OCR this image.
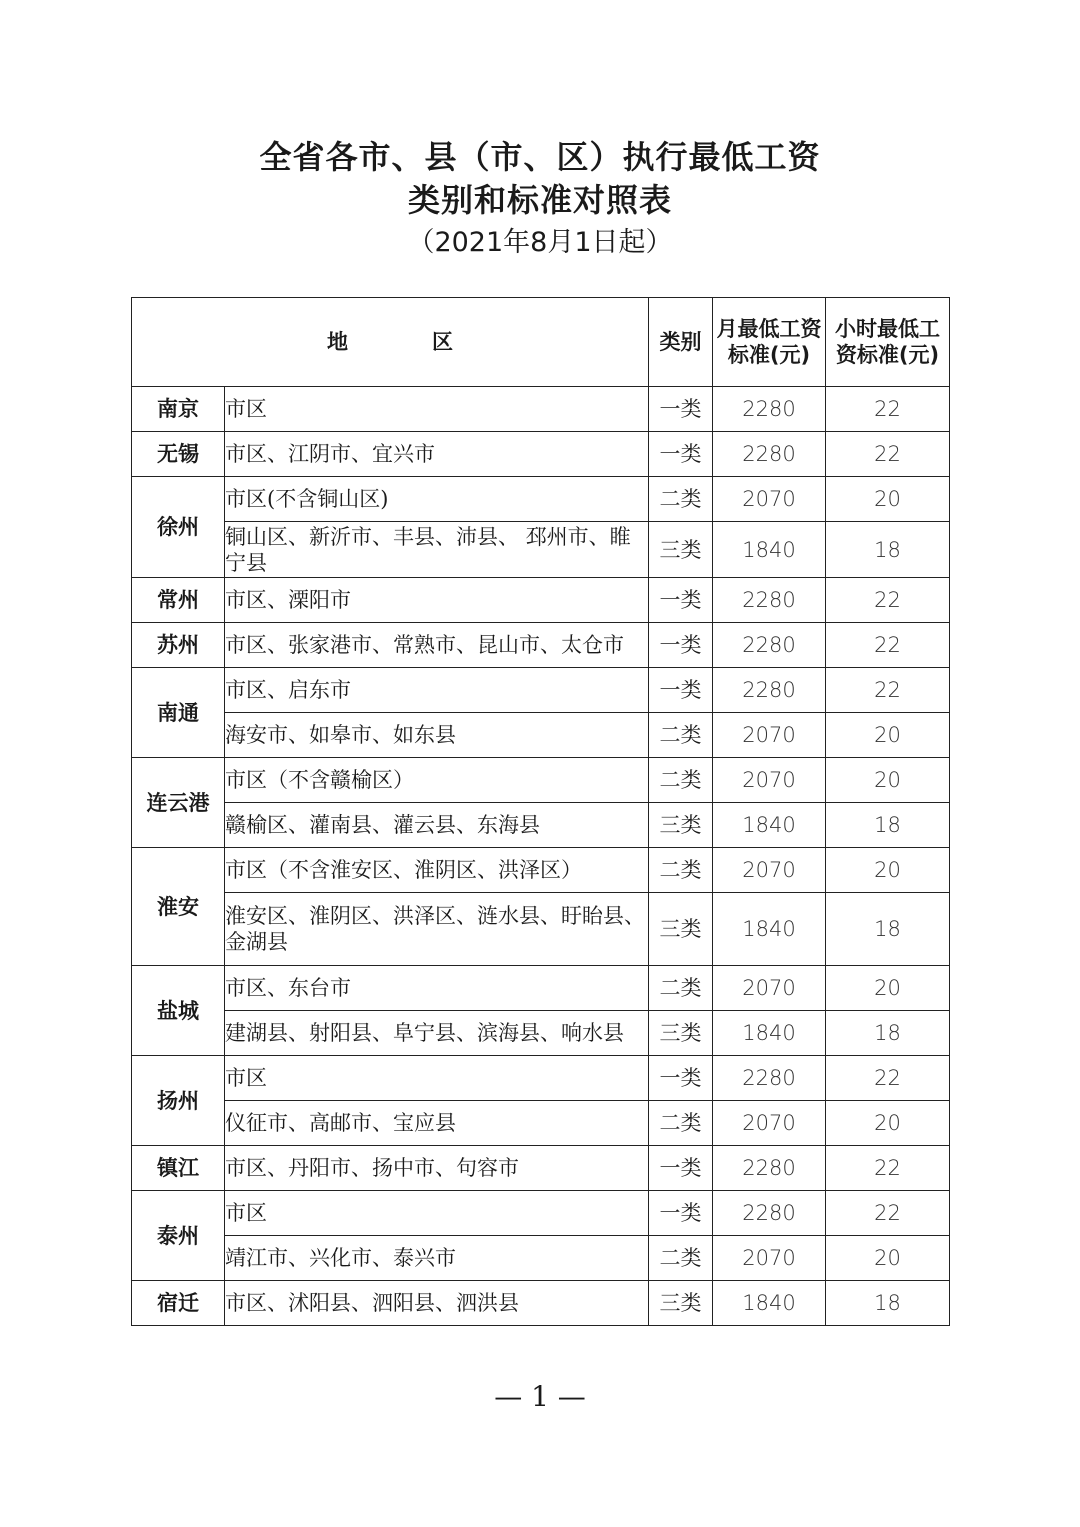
全省各市、县（市、区）执行最低工资
类别和标准对照表
（2021年8月1日起）
地　　　　区		类别	月最低工资标准(元)	小时最低工资标准(元)
南京	市区	一类	2280	22
无锡	市区、江阴市、宜兴市	一类	2280	22
徐州	市区(不含铜山区)	二类	2070	20
	铜山区、新沂市、丰县、沛县、 邳州市、睢宁县	三类	1840	18
常州	市区、溧阳市	一类	2280	22
苏州	市区、张家港市、常熟市、昆山市、太仓市	一类	2280	22
南通	市区、启东市	一类	2280	22
	海安市、如皋市、如东县	二类	2070	20
连云港	市区（不含赣榆区）	二类	2070	20
	赣榆区、灌南县、灌云县、东海县	三类	1840	18
淮安	市区（不含淮安区、淮阴区、洪泽区）	二类	2070	20
	淮安区、淮阴区、洪泽区、涟水县、盱眙县、金湖县	三类	1840	18
盐城	市区、东台市	二类	2070	20
	建湖县、射阳县、阜宁县、滨海县、响水县	三类	1840	18
扬州	市区	一类	2280	22
	仪征市、高邮市、宝应县	二类	2070	20
镇江	市区、丹阳市、扬中市、句容市	一类	2280	22
泰州	市区	一类	2280	22
	靖江市、兴化市、泰兴市	二类	2070	20
宿迁	市区、沭阳县、泗阳县、泗洪县	三类	1840	18
— 1 —
